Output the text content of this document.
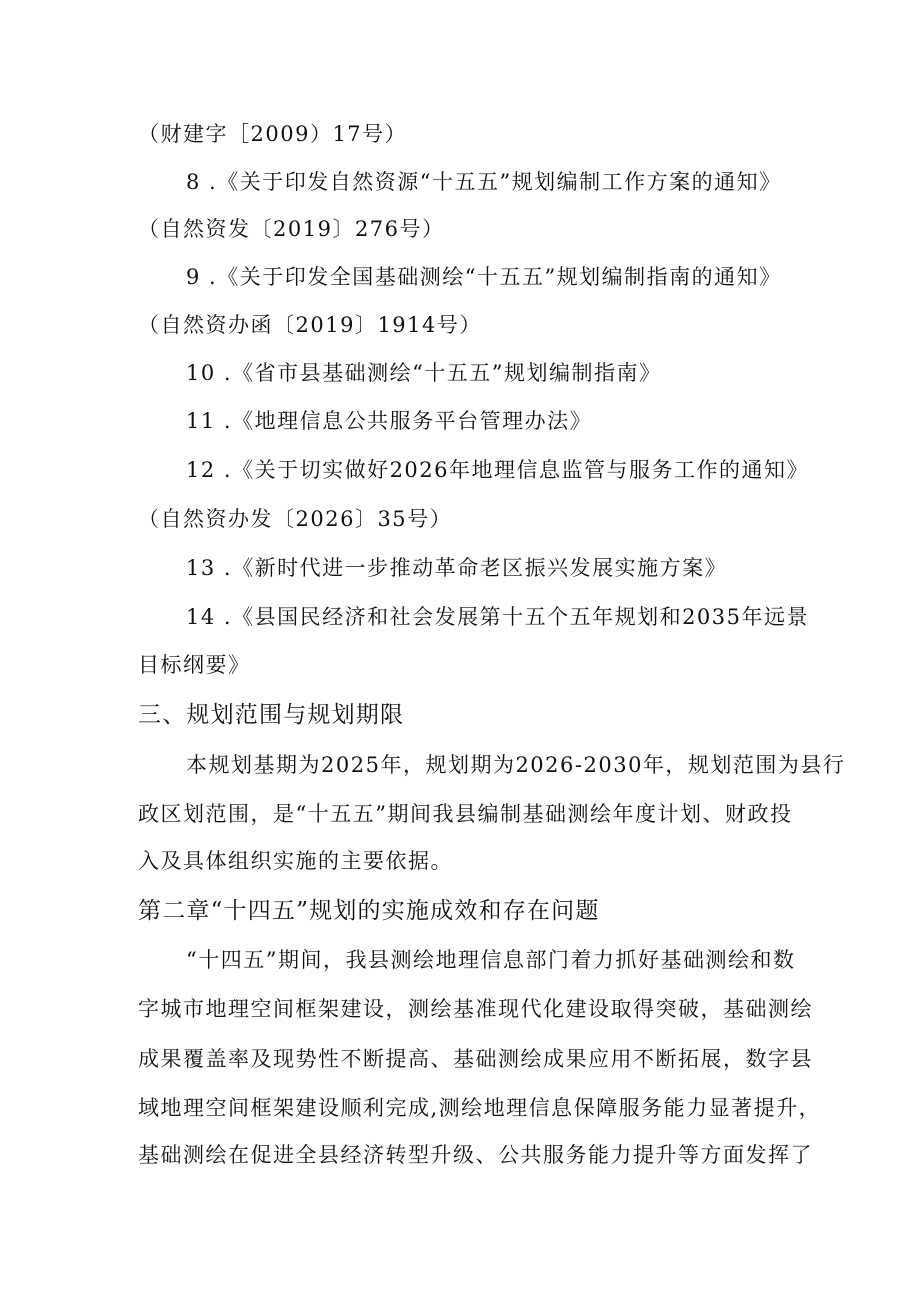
（财建字［2009）17号）
8 .《关于印发自然资源“十五五”规划编制工作方案的通知》
（自然资发〔2019〕276号）
9 .《关于印发全国基础测绘“十五五”规划编制指南的通知》
（自然资办函〔2019〕1914号）
10 .《省市县基础测绘“十五五”规划编制指南》
11 .《地理信息公共服务平台管理办法》
12 .《关于切实做好2026年地理信息监管与服务工作的通知》
（自然资办发〔2026〕35号）
13 .《新时代进一步推动革命老区振兴发展实施方案》
14 .《县国民经济和社会发展第十五个五年规划和2035年远景
目标纲要》
三、规划范围与规划期限
本规划基期为2025年，规划期为2026-2030年，规划范围为县行
政区划范围，是“十五五”期间我县编制基础测绘年度计划、财政投
入及具体组织实施的主要依据。
第二章“十四五”规划的实施成效和存在问题
“十四五”期间，我县测绘地理信息部门着力抓好基础测绘和数
字城市地理空间框架建设，测绘基准现代化建设取得突破，基础测绘
成果覆盖率及现势性不断提高、基础测绘成果应用不断拓展，数字县
域地理空间框架建设顺利完成,测绘地理信息保障服务能力显著提升，
基础测绘在促进全县经济转型升级、公共服务能力提升等方面发挥了
